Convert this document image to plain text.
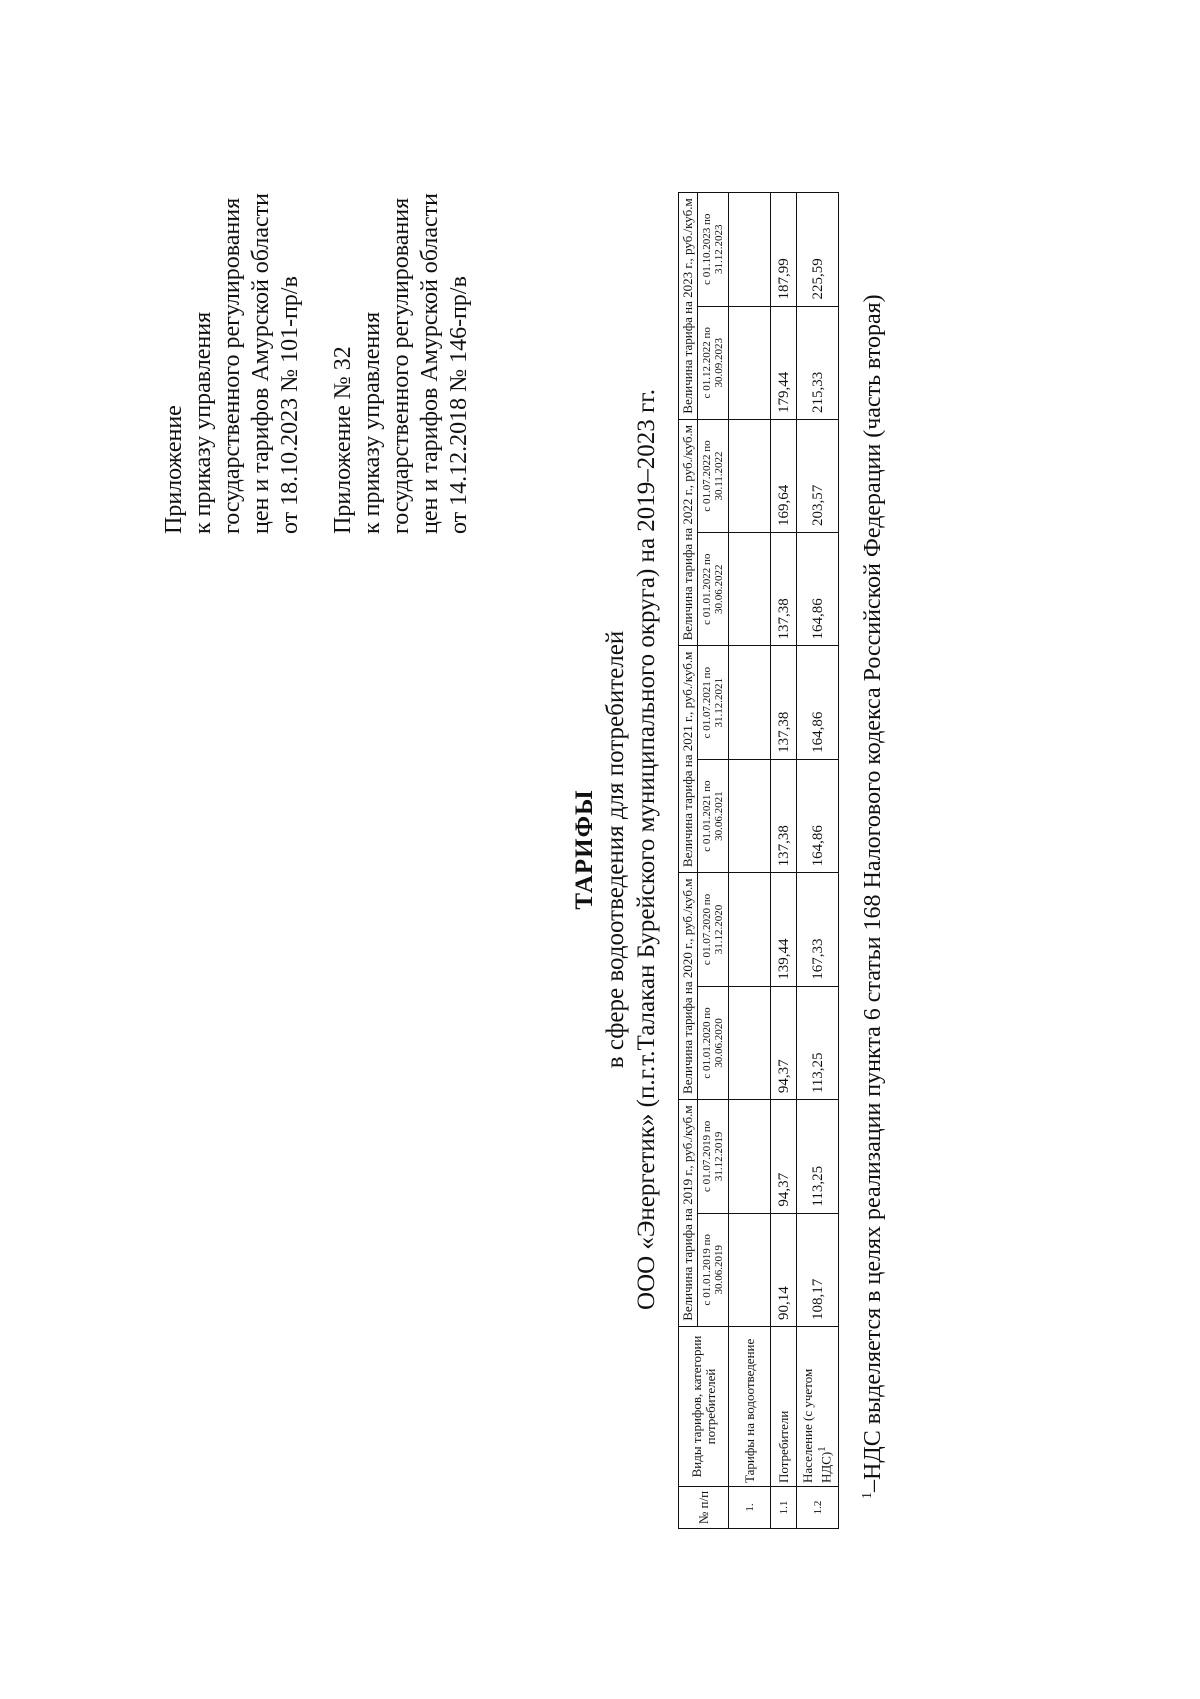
Приложение к приказу управления государственного регулирования цен и тарифов Амурской области от 18.10.2023 № 101-пр/в Приложение № 32 к приказу управления государственного регулирования цен и тарифов Амурской области от 14.12.2018 № 146-пр/в
ТАРИФЫ в сфере водоотведения для потребителей ООО «Энергетик» (п.г.т.Талакан Бурейского муниципального округа) на 2019–2023 гг.
№ п/п	Виды тарифов, категории потребителей	Величина тарифа на 2019 г., руб./куб.м		Величина тарифа на 2020 г., руб./куб.м		Величина тарифа на 2021 г., руб./куб.м		Величина тарифа на 2022 г., руб./куб.м		Величина тарифа на 2023 г., руб./куб.м	
		с 01.01.2019 по 30.06.2019	с 01.07.2019 по 31.12.2019	с 01.01.2020 по 30.06.2020	с 01.07.2020 по 31.12.2020	с 01.01.2021 по 30.06.2021	с 01.07.2021 по 31.12.2021	с 01.01.2022 по 30.06.2022	с 01.07.2022 по 30.11.2022	с 01.12.2022 по 30.09.2023	с 01.10.2023 по 31.12.2023
1.	Тарифы на водоотведение										
1.1	Потребители	90,14	94,37	94,37	139,44	137,38	137,38	137,38	169,64	179,44	187,99
1.2	Население (с учетом НДС)$^1$	108,17	113,25	113,25	167,33	164,86	164,86	164,86	203,57	215,33	225,59
$^1$–НДС выделяется в целях реализации пункта 6 статьи 168 Налогового кодекса Российской Федерации (часть вторая)
